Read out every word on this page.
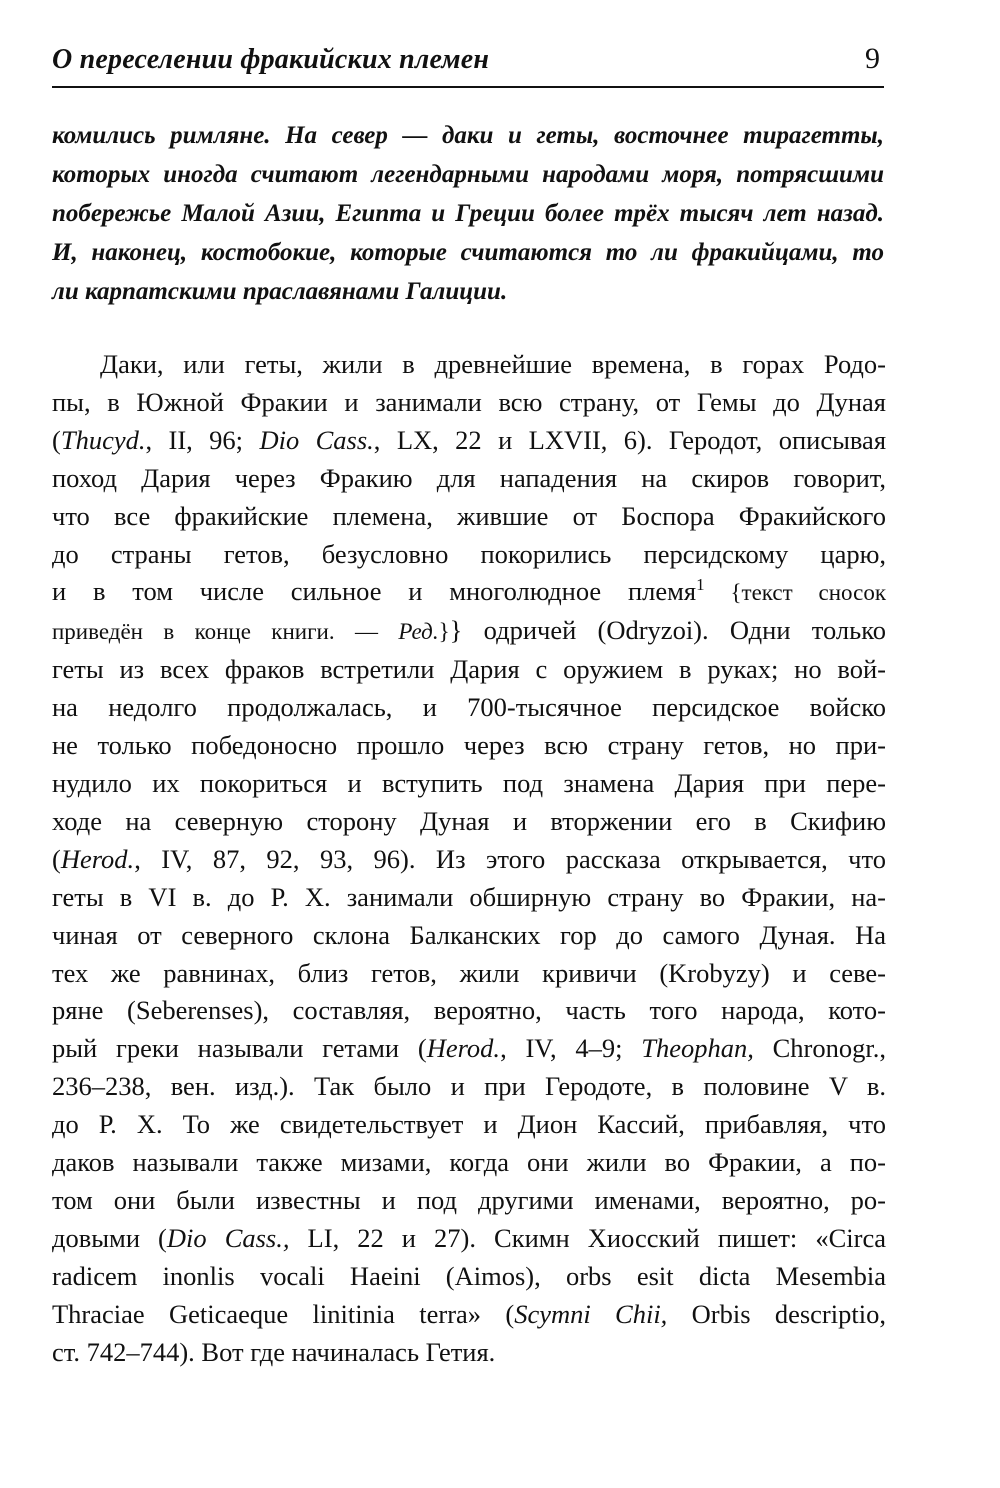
О переселении фракийских племен	9
комились римляне. На север — даки и геты, восточнее тирагетты,
которых иногда считают легендарными народами моря, потрясшими
побережье Малой Азии, Египта и Греции более трёх тысяч лет назад.
И, наконец, костобокие, которые считаются то ли фракийцами, то
ли карпатскими праславянами Галиции.
Даки, или геты, жили в древнейшие времена, в горах Родо-
пы, в Южной Фракии и занимали всю страну, от Гемы до Дуная
(Thucyd., II, 96; Dio Cass., LX, 22 и LXVII, 6). Геродот, описывая
поход Дария через Фракию для нападения на скиров говорит,
что все фракийские племена, жившие от Боспора Фракийского
до страны гетов, безусловно покорились персидскому царю,
и в том числе сильное и многолюдное племя$^1$ {текст сносок
приведён в конце книги. — Ред.}} одричей (Odryzoi). Одни только
геты из всех фраков встретили Дария с оружием в руках; но вой-
на недолго продолжалась, и 700-тысячное персидское войско
не только победоносно прошло через всю страну гетов, но при-
нудило их покориться и вступить под знамена Дария при пере-
ходе на северную сторону Дуная и вторжении его в Скифию
(Herod., IV, 87, 92, 93, 96). Из этого рассказа открывается, что
геты в VI в. до Р. Х. занимали обширную страну во Фракии, на-
чиная от северного склона Балканских гор до самого Дуная. На
тех же равнинах, близ гетов, жили кривичи (Krobyzy) и севе-
ряне (Seberenses), составляя, вероятно, часть того народа, кото-
рый греки называли гетами (Herod., IV, 4–9; Theophan, Chronogr.,
236–238, вен. изд.). Так было и при Геродоте, в половине V в.
до Р. Х. То же свидетельствует и Дион Кассий, прибавляя, что
даков называли также мизами, когда они жили во Фракии, а по-
том они были известны и под другими именами, вероятно, ро-
довыми (Dio Cass., LI, 22 и 27). Скимн Хиосский пишет: «Circa
radicem inonlis vocali Haeini (Aimos), orbs esit dicta Mesembia
Thraciae Geticaeque linitinia terra» (Scymni Chii, Orbis descriptio,
ст. 742–744). Вот где начиналась Гетия.
